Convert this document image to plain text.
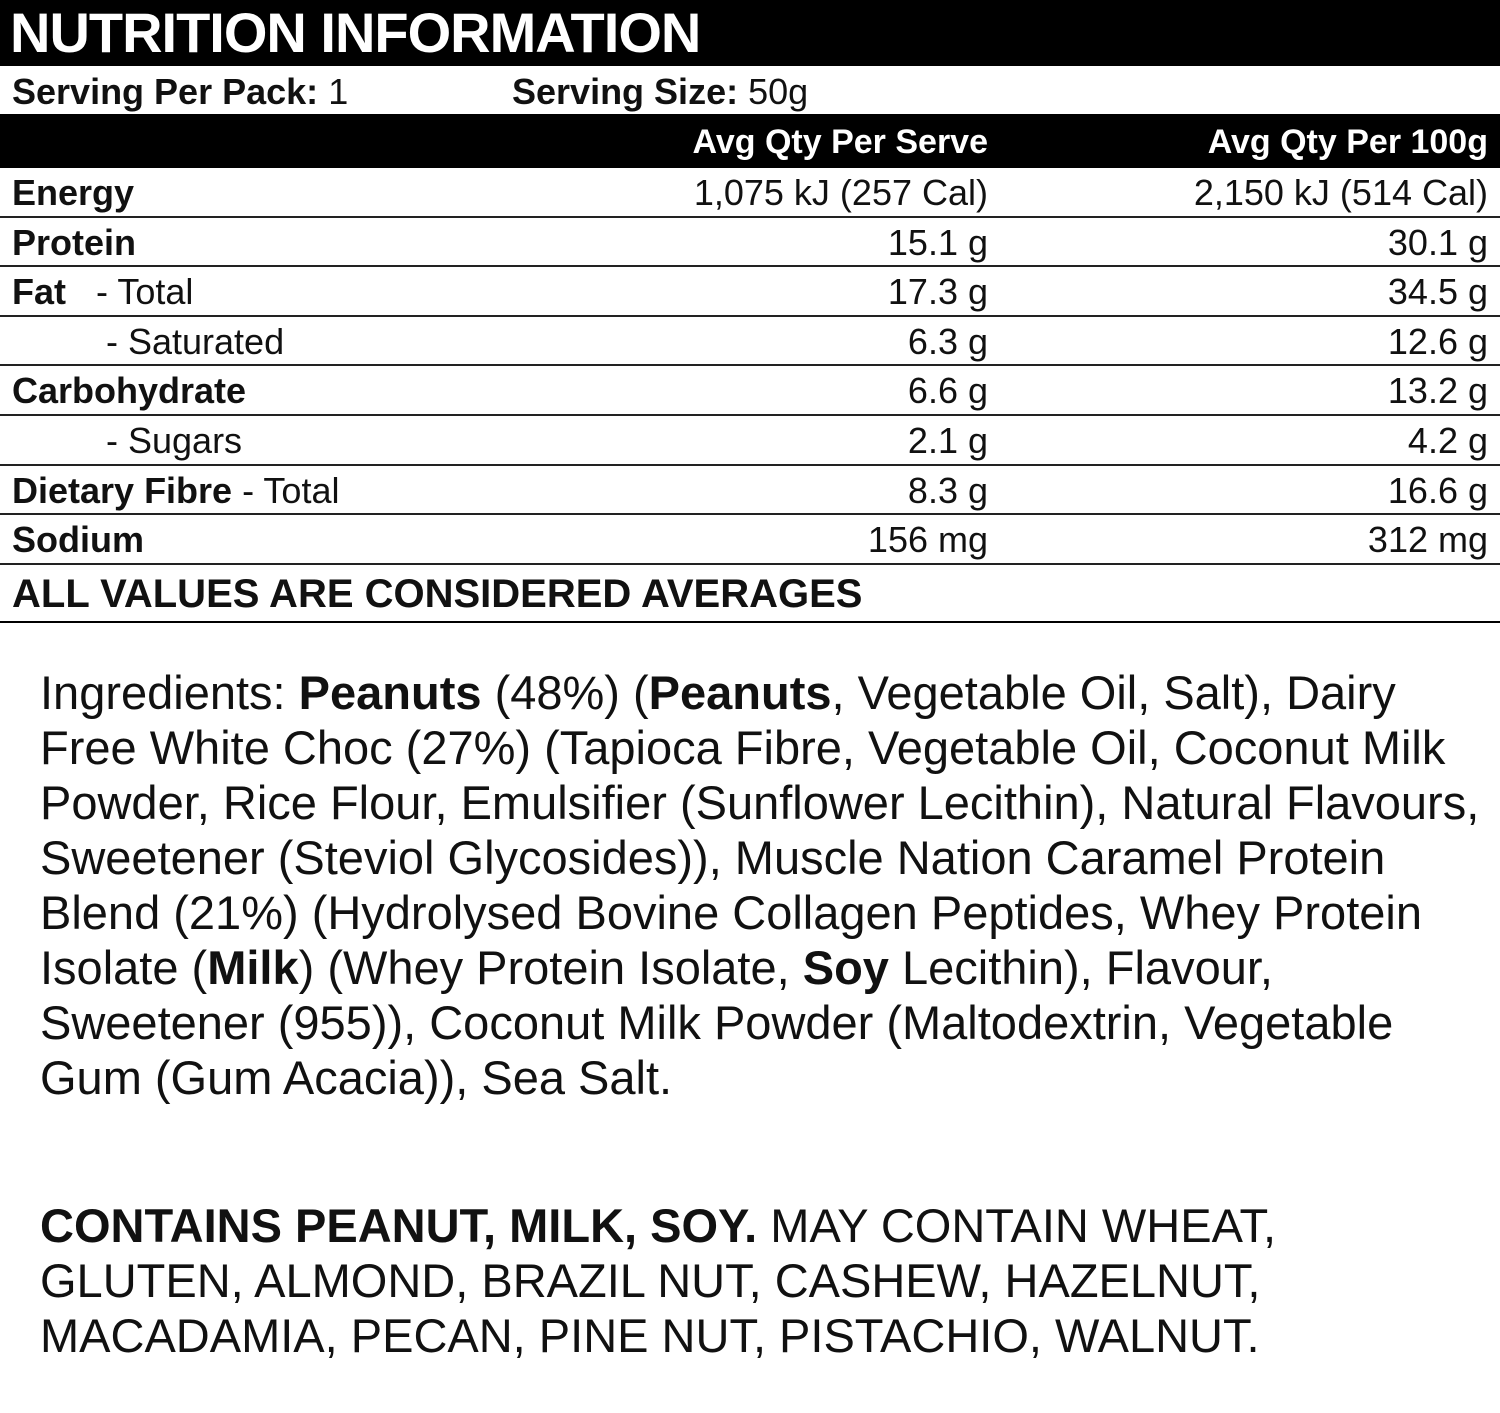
NUTRITION INFORMATION
Serving Per Pack: 1	Serving Size: 50g
Avg Qty Per Serve	Avg Qty Per 100g
Energy	1,075 kJ (257 Cal)	2,150 kJ (514 Cal)
Protein	15.1 g	30.1 g
Fat - Total	17.3 g	34.5 g
- Saturated	6.3 g	12.6 g
Carbohydrate	6.6 g	13.2 g
- Sugars	2.1 g	4.2 g
Dietary Fibre - Total	8.3 g	16.6 g
Sodium	156 mg	312 mg
ALL VALUES ARE CONSIDERED AVERAGES
Ingredients: Peanuts (48%) (Peanuts, Vegetable Oil, Salt), Dairy Free White Choc (27%) (Tapioca Fibre, Vegetable Oil, Coconut Milk Powder, Rice Flour, Emulsifier (Sunflower Lecithin), Natural Flavours, Sweetener (Steviol Glycosides)), Muscle Nation Caramel Protein Blend (21%) (Hydrolysed Bovine Collagen Peptides, Whey Protein Isolate (Milk) (Whey Protein Isolate, Soy Lecithin), Flavour, Sweetener (955)), Coconut Milk Powder (Maltodextrin, Vegetable Gum (Gum Acacia)), Sea Salt.
CONTAINS PEANUT, MILK, SOY. MAY CONTAIN WHEAT, GLUTEN, ALMOND, BRAZIL NUT, CASHEW, HAZELNUT, MACADAMIA, PECAN, PINE NUT, PISTACHIO, WALNUT.
